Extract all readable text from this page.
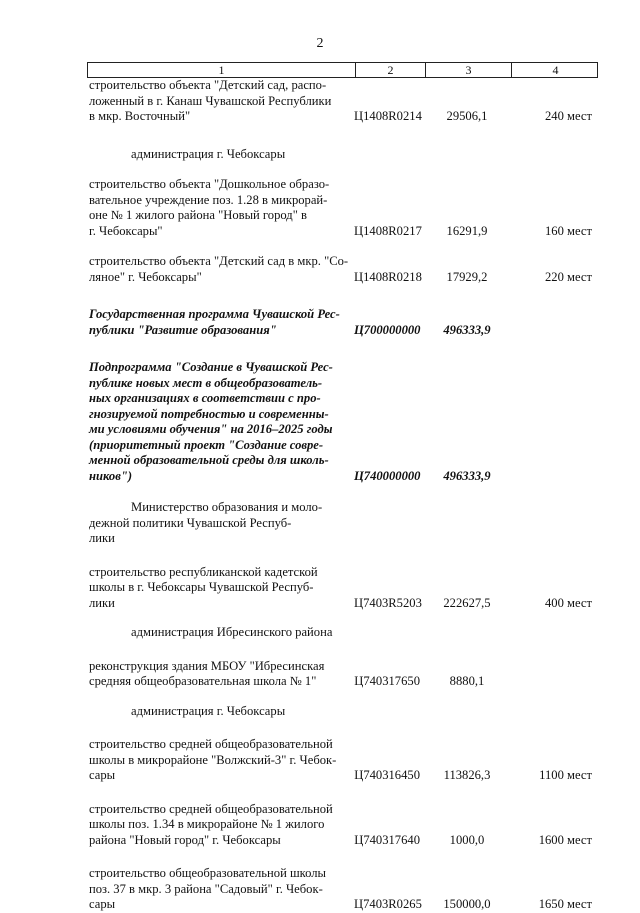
2
1	2	3	4
строительство объекта "Детский сад, распо-
ложенный в г. Канаш Чувашской Республики
в мкр. Восточный"	Ц1408R0214	29506,1	240 мест
администрация г. Чебоксары
строительство объекта "Дошкольное образо-
вательное учреждение поз. 1.28 в микрорай-
оне № 1 жилого района "Новый город" в
г. Чебоксары"	Ц1408R0217	16291,9	160 мест
строительство объекта "Детский сад в мкр. "Со-
ляное" г. Чебоксары"	Ц1408R0218	17929,2	220 мест
Государственная программа Чувашской Рес-
публики "Развитие образования"	Ц700000000	496333,9
Подпрограмма "Создание в Чувашской Рес-
публике новых мест в общеобразователь-
ных организациях в соответствии с про-
гнозируемой потребностью и современны-
ми условиями обучения" на 2016–2025 годы
(приоритетный проект "Создание совре-
менной образовательной среды для школь-
ников")	Ц740000000	496333,9
Министерство образования и моло-
дежной политики Чувашской Респуб-
лики
строительство республиканской кадетской
школы в г. Чебоксары Чувашской Респуб-
лики	Ц7403R5203	222627,5	400 мест
администрация Ибресинского района
реконструкция здания МБОУ "Ибресинская
средняя общеобразовательная школа № 1"	Ц740317650	8880,1
администрация г. Чебоксары
строительство средней общеобразовательной
школы в микрорайоне "Волжский-3" г. Чебок-
сары	Ц740316450	113826,3	1100 мест
строительство средней общеобразовательной
школы поз. 1.34 в микрорайоне № 1 жилого
района "Новый город" г. Чебоксары	Ц740317640	1000,0	1600 мест
строительство общеобразовательной школы
поз. 37 в мкр. 3 района "Садовый" г. Чебок-
сары	Ц7403R0265	150000,0	1650 мест
